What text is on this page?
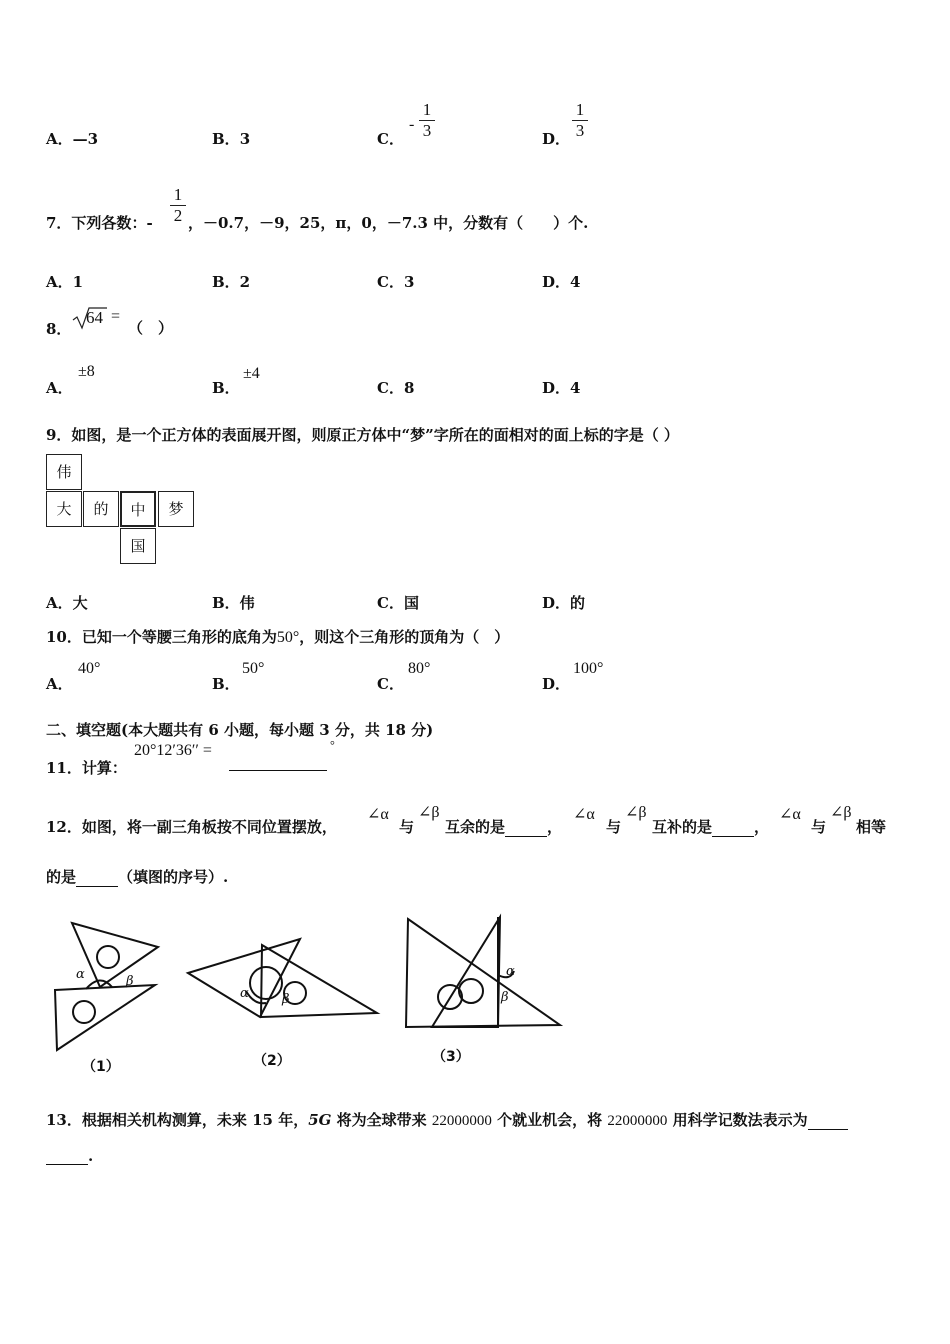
A．—3	B．3	C．
-
1
3	D．
1
3
7．下列各数：-
1
2 ，－0.7，－9，25，π，0，－7.3 中，分数有（　　）个.
A．1	B．2	C．3	D．4
8．
64 =
（　）
A．
±8
B．
±4
C．8	D．4
9．如图，是一个正方体的表面展开图，则原正方体中“梦”字所在的面相对的面上标的字是（ ）
伟
大	的	中	梦
国
A．大	B．伟	C．国	D．的
10．已知一个等腰三角形的底角为50°，则这个三角形的顶角为（　）
A．
40°
B．
50°
C．
80°
D．
100°
二、填空题(本大题共有 6 小题，每小题 3 分，共 18 分)
11．计算：
20°12′36′′ =	°
12．如图，将一副三角板按不同位置摆放，
∠α
与
∠β
互余的是	，
∠α
与
∠β
互补的是	，
∠α
与
∠β
相等
的是	（填图的序号）.
α	β
α	β
α
β
（1）	（2）	（3）
13．根据相关机构测算，未来 15 年，5G 将为全球带来 22000000 个就业机会，将 22000000 用科学记数法表示为
.
